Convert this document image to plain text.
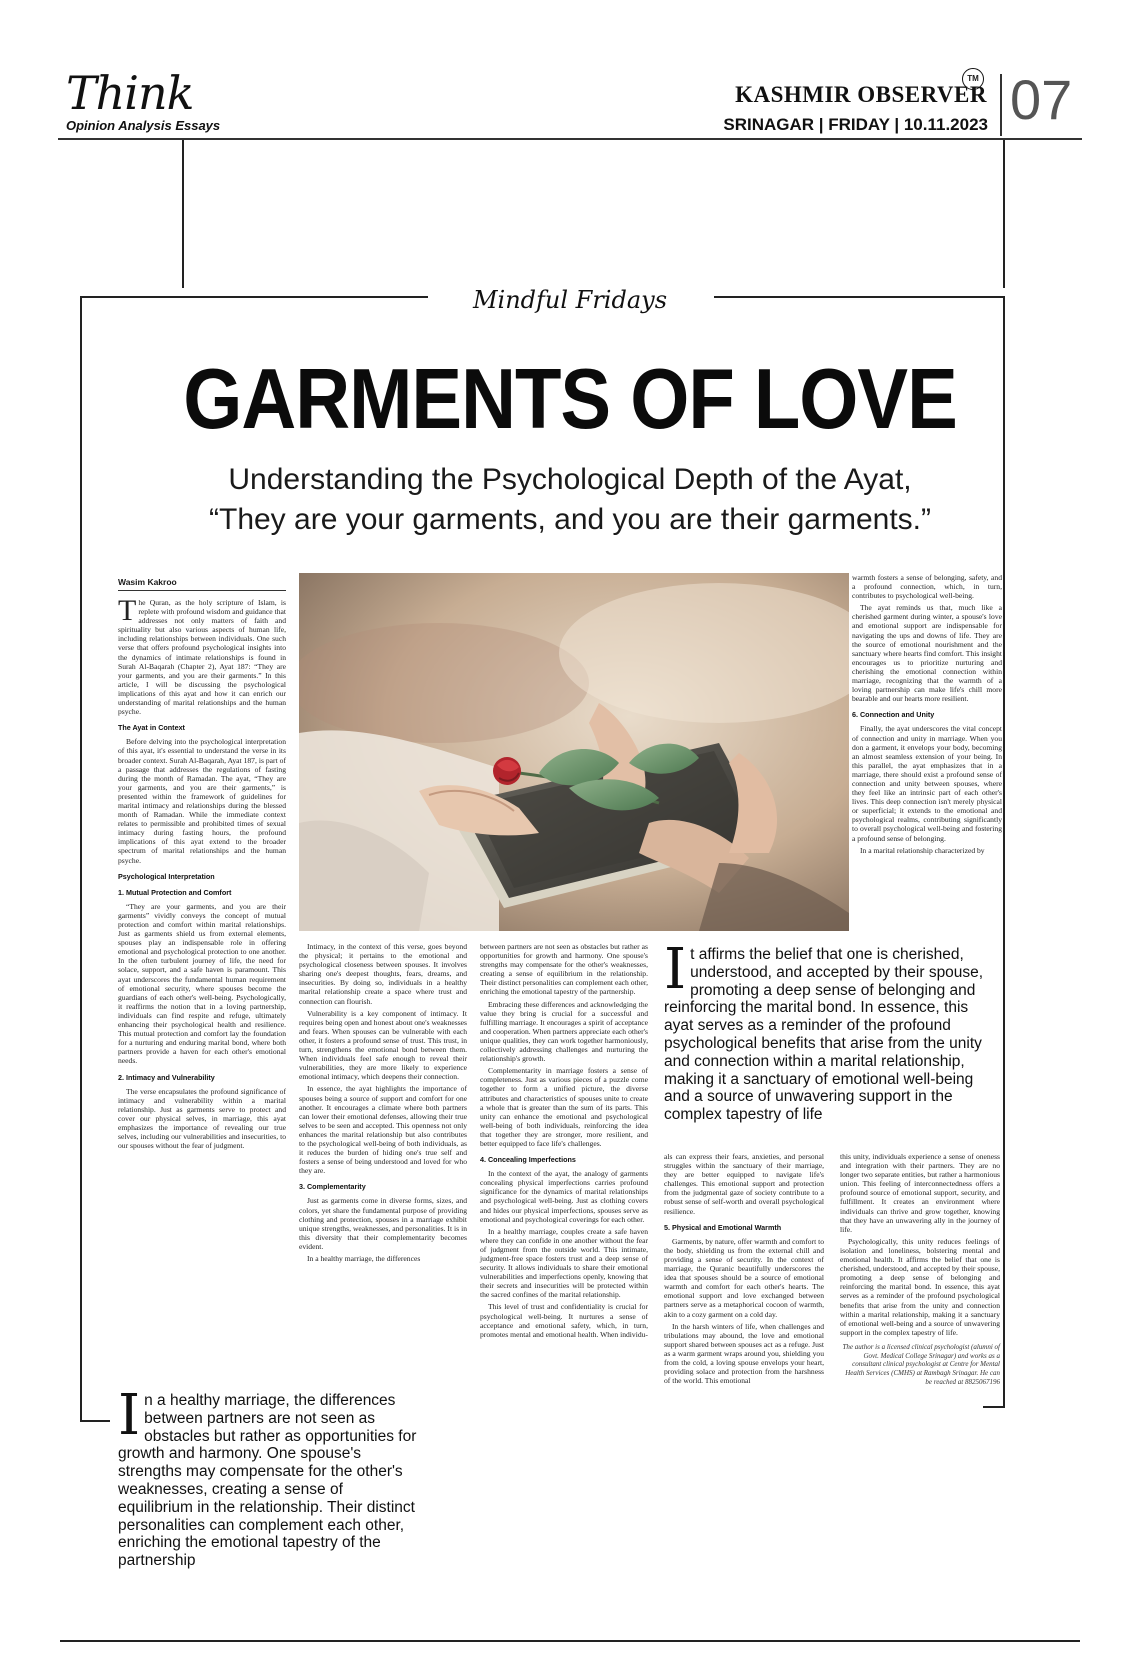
Think
Opinion Analysis Essays
KASHMIR OBSERVER
TM
SRINAGAR | FRIDAY | 10.11.2023 07
Mindful Fridays
GARMENTS OF LOVE
Understanding the Psychological Depth of the Ayat,
“They are your garments, and you are their garments.”
Wasim Kakroo

The Quran, as the holy scripture of Islam, is replete with profound wisdom and guidance that addresses not only matters of faith and spirituality but also various aspects of human life, including relationships between individuals. One such verse that offers profound psychological insights into the dynamics of intimate relationships is found in Surah Al-Baqarah (Chapter 2), Ayat 187: “They are your garments, and you are their garments.” In this article, I will be discussing the psychological implications of this ayat and how it can enrich our understanding of marital relationships and the human psyche.

The Ayat in Context

Before delving into the psychological interpretation of this ayat, it's essential to understand the verse in its broader context. Surah Al-Baqarah, Ayat 187, is part of a passage that addresses the regulations of fasting during the month of Ramadan. The ayat, “They are your garments, and you are their garments,” is presented within the framework of guidelines for marital intimacy and relationships during the blessed month of Ramadan. While the immediate context relates to permissible and prohibited times of sexual intimacy during fasting hours, the profound implications of this ayat extend to the broader spectrum of marital relationships and the human psyche.

Psychological Interpretation
1. Mutual Protection and Comfort

“They are your garments, and you are their garments” vividly conveys the concept of mutual protection and comfort within marital relationships. Just as garments shield us from external elements, spouses play an indispensable role in offering emotional and psychological protection to one another. In the often turbulent journey of life, the need for solace, support, and a safe haven is paramount. This ayat underscores the fundamental human requirement of emotional security, where spouses become the guardians of each other's well-being. Psychologically, it reaffirms the notion that in a loving partnership, individuals can find respite and refuge, ultimately enhancing their psychological health and resilience. This mutual protection and comfort lay the foundation for a nurturing and enduring marital bond, where both partners provide a haven for each other's emotional needs.

2. Intimacy and Vulnerability

The verse encapsulates the profound significance of intimacy and vulnerability within a marital relationship. Just as garments serve to protect and cover our physical selves, in marriage, this ayat emphasizes the importance of revealing our true selves, including our vulnerabilities and insecurities, to our spouses without the fear of judgment.

Intimacy, in the context of this verse, goes beyond the physical; it pertains to the emotional and psychological closeness between spouses. It involves sharing one's deepest thoughts, fears, dreams, and insecurities. By doing so, individuals in a healthy marital relationship create a space where trust and connection can flourish.

Vulnerability is a key component of intimacy. It requires being open and honest about one's weaknesses and fears. When spouses can be vulnerable with each other, it fosters a profound sense of trust. This trust, in turn, strengthens the emotional bond between them. When individuals feel safe enough to reveal their vulnerabilities, they are more likely to experience emotional intimacy, which deepens their connection.

In essence, the ayat highlights the importance of spouses being a source of support and comfort for one another. It encourages a climate where both partners can lower their emotional defenses, allowing their true selves to be seen and accepted. This openness not only enhances the marital relationship but also contributes to the psychological well-being of both individuals, as it reduces the burden of hiding one's true self and fosters a sense of being understood and loved for who they are.

3. Complementarity

Just as garments come in diverse forms, sizes, and colors, yet share the fundamental purpose of providing clothing and protection, spouses in a marriage exhibit unique strengths, weaknesses, and personalities. It is in this diversity that their complementarity becomes evident.

In a healthy marriage, the differences

between partners are not seen as obstacles but rather as opportunities for growth and harmony. One spouse's strengths may compensate for the other's weaknesses, creating a sense of equilibrium in the relationship. Their distinct personalities can complement each other, enriching the emotional tapestry of the partnership.

Embracing these differences and acknowledging the value they bring is crucial for a successful and fulfilling marriage. It encourages a spirit of acceptance and cooperation. When partners appreciate each other's unique qualities, they can work together harmoniously, collectively addressing challenges and nurturing the relationship's growth.

Complementarity in marriage fosters a sense of completeness. Just as various pieces of a puzzle come together to form a unified picture, the diverse attributes and characteristics of spouses unite to create a whole that is greater than the sum of its parts. This unity can enhance the emotional and psychological well-being of both individuals, reinforcing the idea that together they are stronger, more resilient, and better equipped to face life's challenges.

4. Concealing Imperfections

In the context of the ayat, the analogy of garments concealing physical imperfections carries profound significance for the dynamics of marital relationships and psychological well-being. Just as clothing covers and hides our physical imperfections, spouses serve as emotional and psychological coverings for each other.

In a healthy marriage, couples create a safe haven where they can confide in one another without the fear of judgment from the outside world. This intimate, judgment-free space fosters trust and a deep sense of security. It allows individuals to share their emotional vulnerabilities and imperfections openly, knowing that their secrets and insecurities will be protected within the sacred confines of the marital relationship.

This level of trust and confidentiality is crucial for psychological well-being. It nurtures a sense of acceptance and emotional safety, which, in turn, promotes mental and emotional health. When individu-

It affirms the belief that one is cherished, understood, and accepted by their spouse, promoting a deep sense of belonging and reinforcing the marital bond. In essence, this ayat serves as a reminder of the profound psychological benefits that arise from the unity and connection within a marital relationship, making it a sanctuary of emotional well-being and a source of unwavering support in the complex tapestry of life

als can express their fears, anxieties, and personal struggles within the sanctuary of their marriage, they are better equipped to navigate life's challenges. This emotional support and protection from the judgmental gaze of society contribute to a robust sense of self-worth and overall psychological resilience.

5. Physical and Emotional Warmth

Garments, by nature, offer warmth and comfort to the body, shielding us from the external chill and providing a sense of security. In the context of marriage, the Quranic beautifully underscores the idea that spouses should be a source of emotional warmth and comfort for each other's hearts. The emotional support and love exchanged between partners serve as a metaphorical cocoon of warmth, akin to a cozy garment on a cold day.

In the harsh winters of life, when challenges and tribulations may abound, the love and emotional support shared between spouses act as a refuge. Just as a warm garment wraps around you, shielding you from the cold, a loving spouse envelops your heart, providing solace and protection from the harshness of the world. This emotional

warmth fosters a sense of belonging, safety, and a profound connection, which, in turn, contributes to psychological well-being.

The ayat reminds us that, much like a cherished garment during winter, a spouse's love and emotional support are indispensable for navigating the ups and downs of life. They are the source of emotional nourishment and the sanctuary where hearts find comfort. This insight encourages us to prioritize nurturing and cherishing the emotional connection within marriage, recognizing that the warmth of a loving partnership can make life's chill more bearable and our hearts more resilient.

6. Connection and Unity

Finally, the ayat underscores the vital concept of connection and unity in marriage. When you don a garment, it envelops your body, becoming an almost seamless extension of your being. In this parallel, the ayat emphasizes that in a marriage, there should exist a profound sense of connection and unity between spouses, where they feel like an intrinsic part of each other's lives. This deep connection isn't merely physical or superficial; it extends to the emotional and psychological realms, contributing significantly to overall psychological well-being and fostering a profound sense of belonging.

In a marital relationship characterized by

this unity, individuals experience a sense of oneness and integration with their partners. They are no longer two separate entities, but rather a harmonious union. This feeling of interconnectedness offers a profound source of emotional support, security, and fulfillment. It creates an environment where individuals can thrive and grow together, knowing that they have an unwavering ally in the journey of life.

Psychologically, this unity reduces feelings of isolation and loneliness, bolstering mental and emotional health. It affirms the belief that one is cherished, understood, and accepted by their spouse, promoting a deep sense of belonging and reinforcing the marital bond. In essence, this ayat serves as a reminder of the profound psychological benefits that arise from the unity and connection within a marital relationship, making it a sanctuary of emotional well-being and a source of unwavering support in the complex tapestry of life.

The author is a licensed clinical psychologist (alumni of Govt. Medical College Srinagar) and works as a consultant clinical psychologist at Centre for Mental Health Services (CMHS) at Rambagh Srinagar. He can be reached at 8825067196
In a healthy marriage, the differences between partners are not seen as obstacles but rather as opportunities for growth and harmony. One spouse's strengths may compensate for the other's weaknesses, creating a sense of equilibrium in the relationship. Their distinct personalities can complement each other, enriching the emotional tapestry of the partnership
